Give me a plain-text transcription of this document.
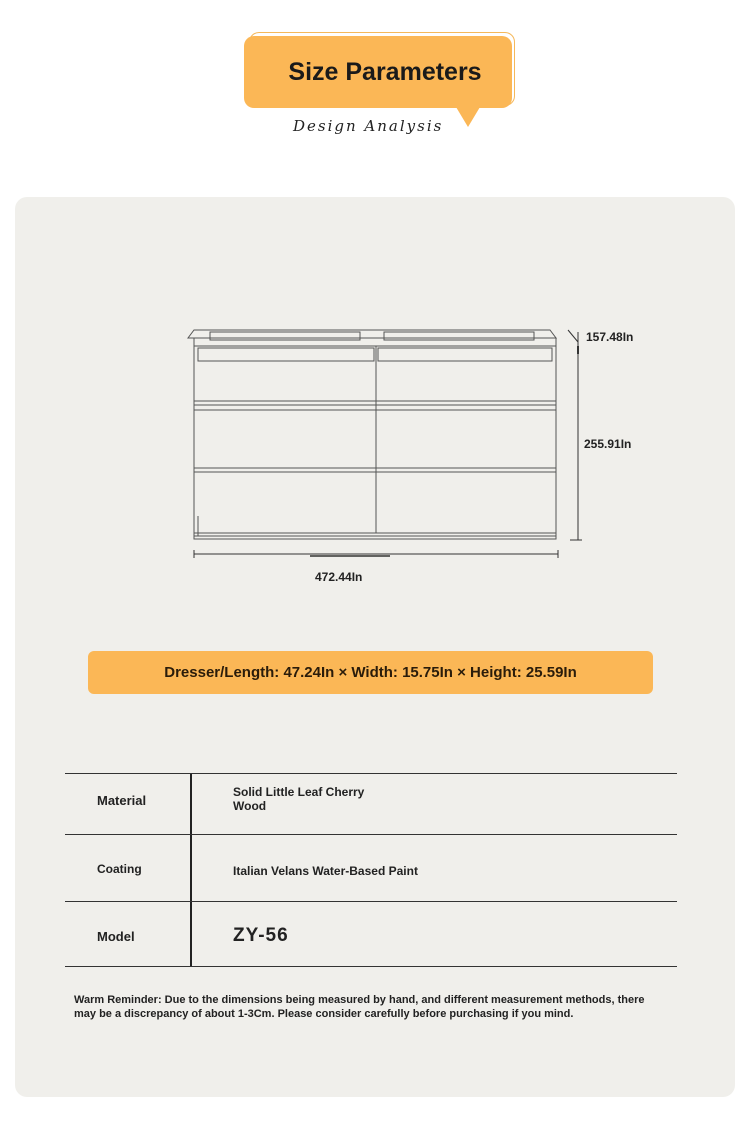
Size Parameters
Design Analysis
157.48In
255.91In
472.44In
Dresser/Length: 47.24In × Width: 15.75In × Height: 25.59In
Material
Solid Little Leaf Cherry
Wood
Coating	Italian Velans Water-Based Paint
Model	ZY-56
Warm Reminder: Due to the dimensions being measured by hand, and different measurement methods, there
may be a discrepancy of about 1-3Cm. Please consider carefully before purchasing if you mind.
